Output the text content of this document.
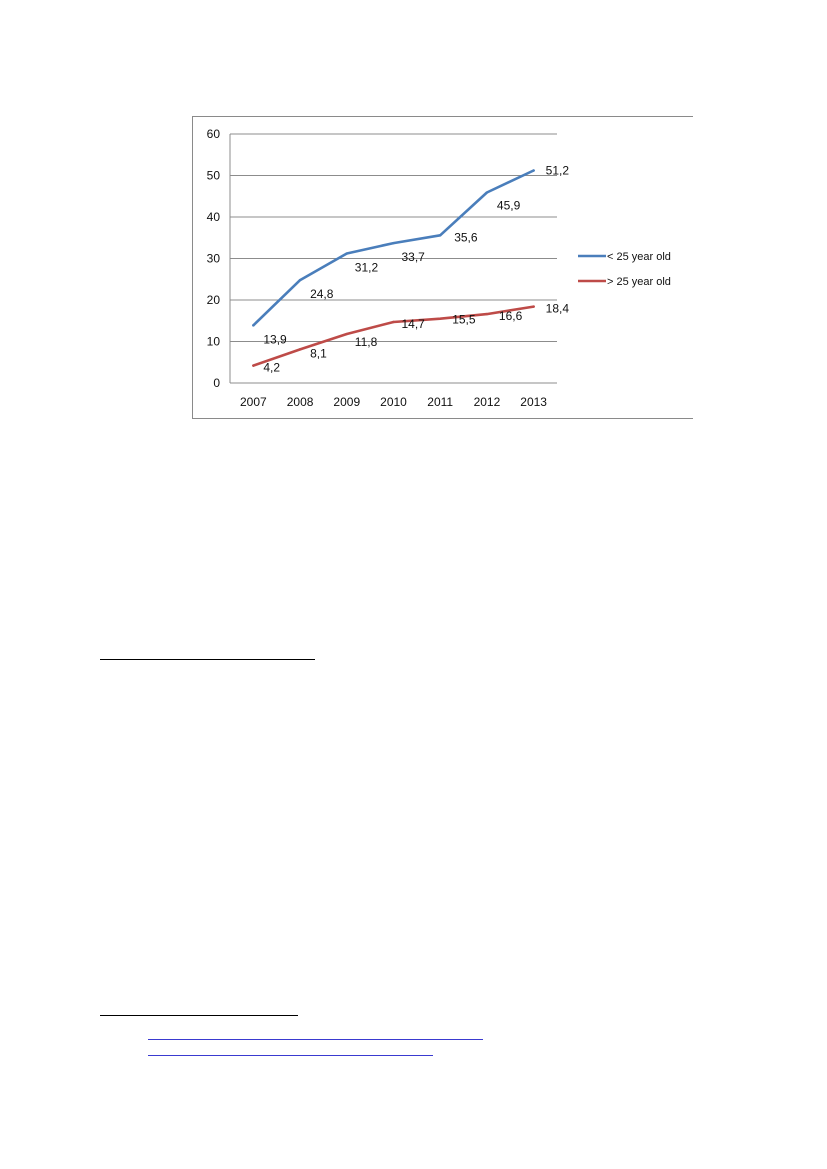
0
10
20
30
40
50
60
2007 2008 2009 2010 2011 2012 2013
13,9
24,8
31,2
33,7
35,6
45,9
51,2
4,2
8,1
11,8
14,7 15,5 16,6
18,4
< 25 year old
> 25 year old
